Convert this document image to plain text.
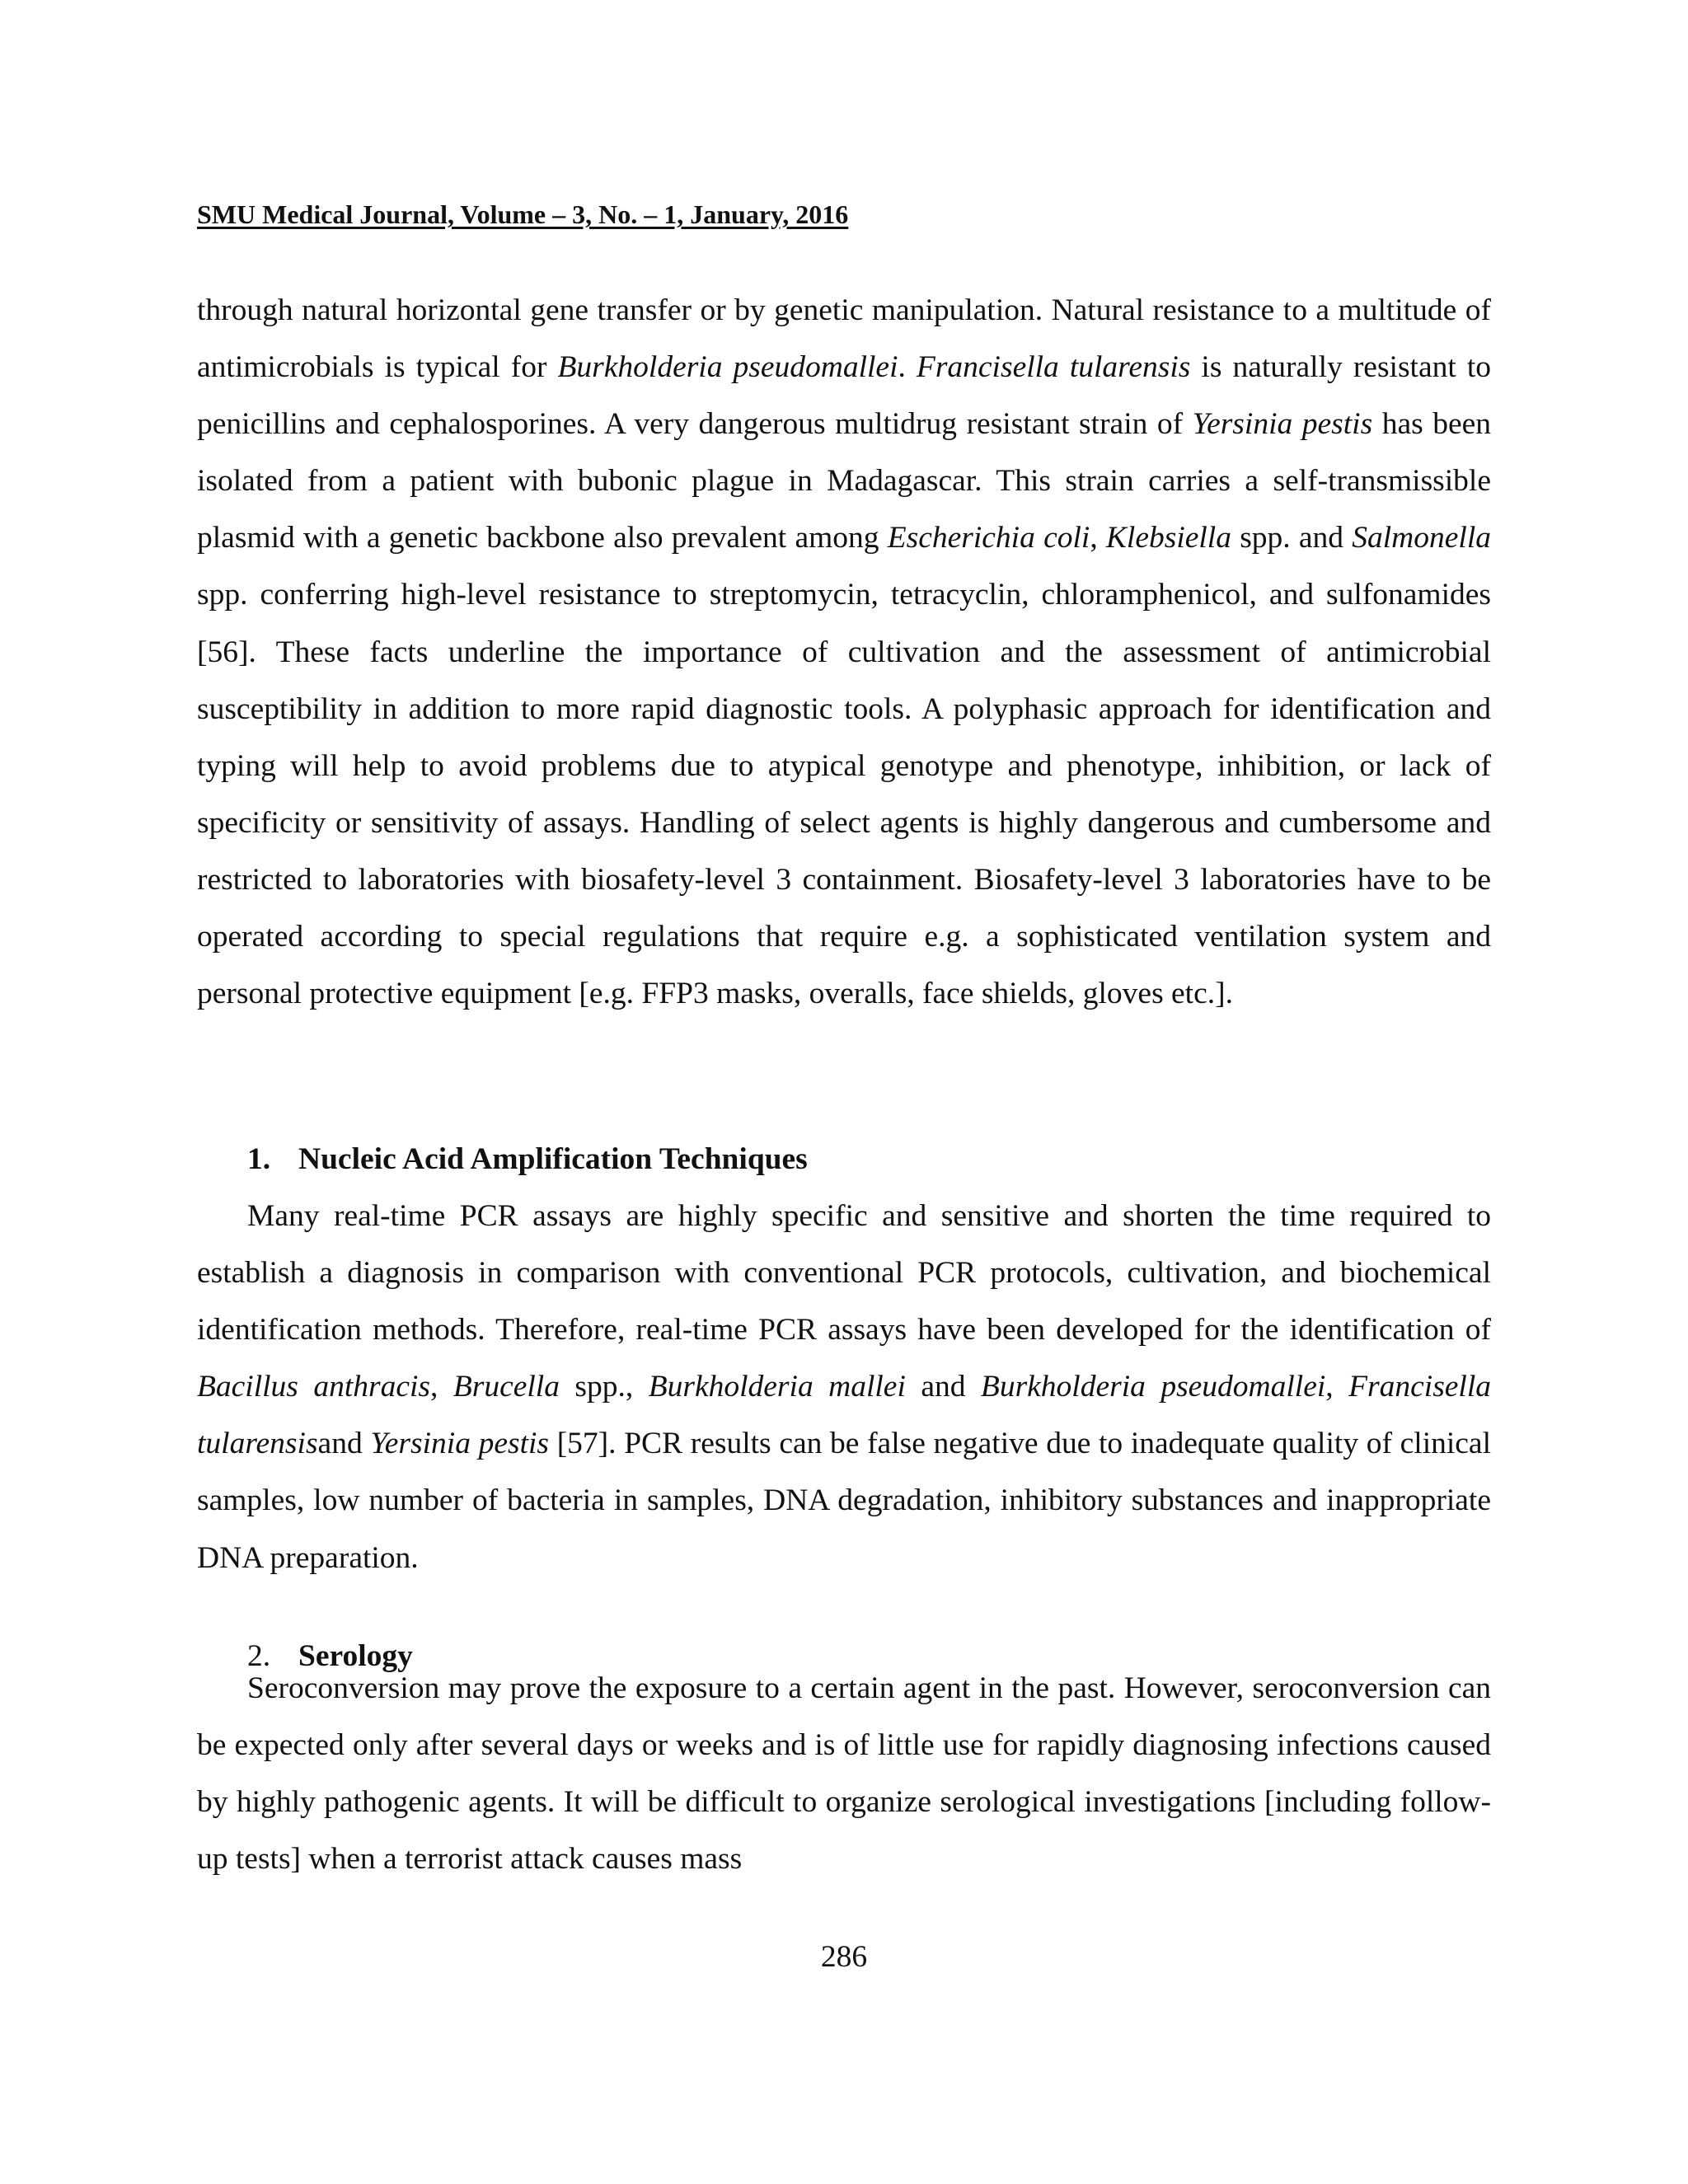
SMU Medical Journal, Volume – 3, No. – 1, January, 2016

through natural horizontal gene transfer or by genetic manipulation. Natural resistance to a multitude of antimicrobials is typical for Burkholderia pseudomallei. Francisella tularensis is naturally resistant to penicillins and cephalosporines. A very dangerous multidrug resistant strain of Yersinia pestis has been isolated from a patient with bubonic plague in Madagascar. This strain carries a self-transmissible plasmid with a genetic backbone also prevalent among Escherichia coli, Klebsiella spp. and Salmonella spp. conferring high-level resistance to streptomycin, tetracyclin, chloramphenicol, and sulfonamides [56]. These facts underline the importance of cultivation and the assessment of antimicrobial susceptibility in addition to more rapid diagnostic tools. A polyphasic approach for identification and typing will help to avoid problems due to atypical genotype and phenotype, inhibition, or lack of specificity or sensitivity of assays. Handling of select agents is highly dangerous and cumbersome and restricted to laboratories with biosafety-level 3 containment. Biosafety-level 3 laboratories have to be operated according to special regulations that require e.g. a sophisticated ventilation system and personal protective equipment [e.g. FFP3 masks, overalls, face shields, gloves etc.].

1. Nucleic Acid Amplification Techniques

Many real-time PCR assays are highly specific and sensitive and shorten the time required to establish a diagnosis in comparison with conventional PCR protocols, cultivation, and biochemical identification methods. Therefore, real-time PCR assays have been developed for the identification of Bacillus anthracis, Brucella spp., Burkholderia mallei and Burkholderia pseudomallei, Francisella tularensisand Yersinia pestis [57]. PCR results can be false negative due to inadequate quality of clinical samples, low number of bacteria in samples, DNA degradation, inhibitory substances and inappropriate DNA preparation.

2. Serology

Seroconversion may prove the exposure to a certain agent in the past. However, seroconversion can be expected only after several days or weeks and is of little use for rapidly diagnosing infections caused by highly pathogenic agents. It will be difficult to organize serological investigations [including follow-up tests] when a terrorist attack causes mass

286
